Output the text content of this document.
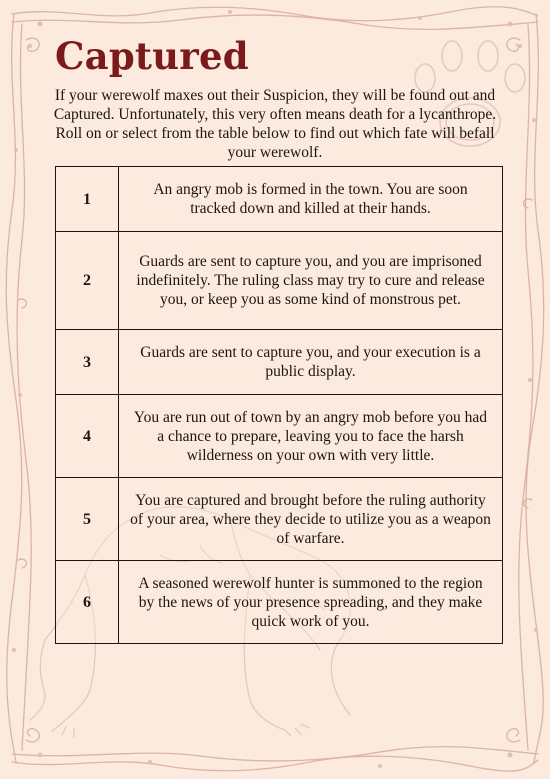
Captured

If your werewolf maxes out their Suspicion, they will be found out and Captured. Unfortunately, this very often means death for a lycanthrope. Roll on or select from the table below to find out which fate will befall your werewolf.

1	An angry mob is formed in the town. You are soon tracked down and killed at their hands.
2	Guards are sent to capture you, and you are imprisoned indefinitely. The ruling class may try to cure and release you, or keep you as some kind of monstrous pet.
3	Guards are sent to capture you, and your execution is a public display.
4	You are run out of town by an angry mob before you had a chance to prepare, leaving you to face the harsh wilderness on your own with very little.
5	You are captured and brought before the ruling authority of your area, where they decide to utilize you as a weapon of warfare.
6	A seasoned werewolf hunter is summoned to the region by the news of your presence spreading, and they make quick work of you.
